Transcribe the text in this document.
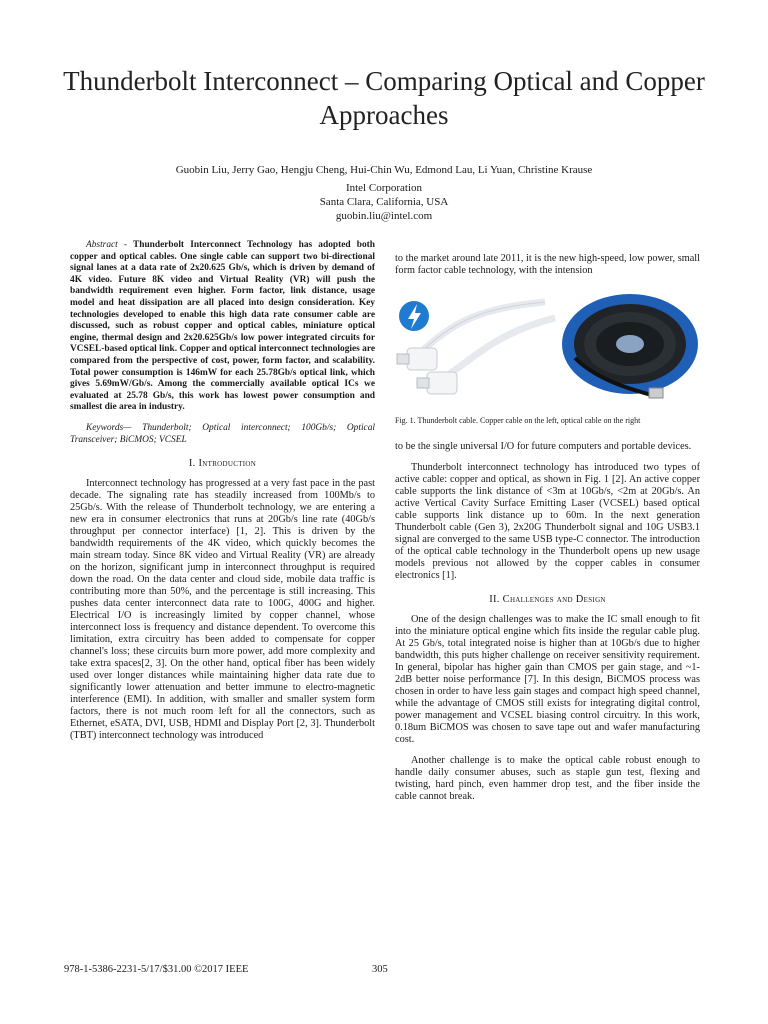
Thunderbolt Interconnect – Comparing Optical and Copper Approaches
Guobin Liu, Jerry Gao, Hengju Cheng, Hui-Chin Wu, Edmond Lau, Li Yuan, Christine Krause
Intel Corporation
Santa Clara, California, USA
guobin.liu@intel.com

Abstract - Thunderbolt Interconnect Technology has adopted both copper and optical cables. One single cable can support two bi-directional signal lanes at a data rate of 2x20.625 Gb/s, which is driven by demand of 4K video. Future 8K video and Virtual Reality (VR) will push the bandwidth requirement even higher. Form factor, link distance, usage model and heat dissipation are all placed into design consideration. Key technologies developed to enable this high data rate consumer cable are discussed, such as robust copper and optical cables, miniature optical engine, thermal design and 2x20.625Gb/s low power integrated circuits for VCSEL-based optical link. Copper and optical interconnect technologies are compared from the perspective of cost, power, form factor, and scalability. Total power consumption is 146mW for each 25.78Gb/s optical link, which gives 5.69mW/Gb/s. Among the commercially available optical ICs we evaluated at 25.78 Gb/s, this work has lowest power consumption and smallest die area in industry.

Keywords— Thunderbolt; Optical interconnect; 100Gb/s; Optical Transceiver; BiCMOS; VCSEL

I. Introduction

Interconnect technology has progressed at a very fast pace in the past decade. The signaling rate has steadily increased from 100Mb/s to 25Gb/s. With the release of Thunderbolt technology, we are entering a new era in consumer electronics that runs at 20Gb/s line rate (40Gb/s throughput per connector interface) [1, 2]. This is driven by the bandwidth requirements of the 4K video, which quickly becomes the main stream today. Since 8K video and Virtual Reality (VR) are already on the horizon, significant jump in interconnect throughput is required down the road. On the data center and cloud side, mobile data traffic is contributing more than 50%, and the percentage is still increasing. This pushes data center interconnect data rate to 100G, 400G and higher. Electrical I/O is increasingly limited by copper channel, whose interconnect loss is frequency and distance dependent. To overcome this limitation, extra circuitry has been added to compensate for copper channel's loss; these circuits burn more power, add more complexity and take extra spaces[2, 3]. On the other hand, optical fiber has been widely used over longer distances while maintaining higher data rate due to significantly lower attenuation and better immune to electro-magnetic interference (EMI). In addition, with smaller and smaller system form factors, there is not much room left for all the connectors, such as Ethernet, eSATA, DVI, USB, HDMI and Display Port [2, 3]. Thunderbolt (TBT) interconnect technology was introduced

to the market around late 2011, it is the new high-speed, low power, small form factor cable technology, with the intension

Fig. 1. Thunderbolt cable. Copper cable on the left, optical cable on the right

to be the single universal I/O for future computers and portable devices.

Thunderbolt interconnect technology has introduced two types of active cable: copper and optical, as shown in Fig. 1 [2]. An active copper cable supports the link distance of <3m at 10Gb/s, <2m at 20Gb/s. An active Vertical Cavity Surface Emitting Laser (VCSEL) based optical cable supports link distance up to 60m. In the next generation Thunderbolt cable (Gen 3), 2x20G Thunderbolt signal and 10G USB3.1 signal are converged to the same USB type-C connector. The introduction of the optical cable technology in the Thunderbolt opens up new usage models previous not allowed by the copper cables in consumer electronics [1].

II. Challenges and Design

One of the design challenges was to make the IC small enough to fit into the miniature optical engine which fits inside the regular cable plug. At 25 Gb/s, total integrated noise is higher than at 10Gb/s due to higher bandwidth, this puts higher challenge on receiver sensitivity requirement. In general, bipolar has higher gain than CMOS per gain stage, and ~1-2dB better noise performance [7]. In this design, BiCMOS process was chosen in order to have less gain stages and compact high speed channel, while the advantage of CMOS still exists for integrating digital control, power management and VCSEL biasing control circuitry. In this work, 0.18um BiCMOS was chosen to save tape out and wafer manufacturing cost.

Another challenge is to make the optical cable robust enough to handle daily consumer abuses, such as staple gun test, flexing and twisting, hard pinch, even hammer drop test, and the fiber inside the cable cannot break.

978-1-5386-2231-5/17/$31.00 ©2017 IEEE	305
